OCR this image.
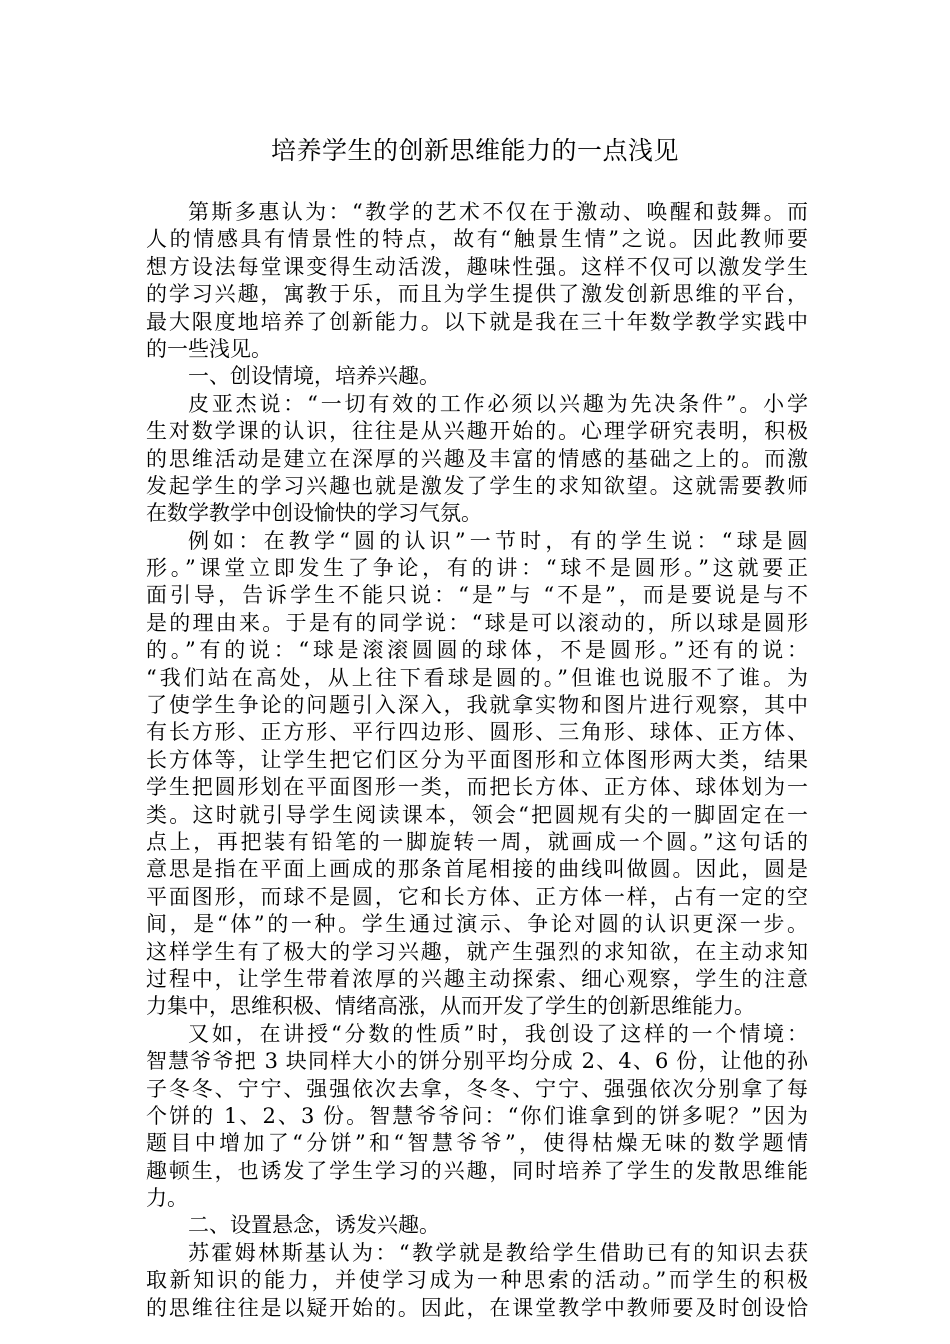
培养学生的创新思维能力的一点浅见
第斯多惠认为：“教学的艺术不仅在于激动、唤醒和鼓舞。而
人的情感具有情景性的特点，故有“触景生情”之说。因此教师要
想方设法每堂课变得生动活泼，趣味性强。这样不仅可以激发学生
的学习兴趣，寓教于乐，而且为学生提供了激发创新思维的平台，
最大限度地培养了创新能力。以下就是我在三十年数学教学实践中
的一些浅见。
一、创设情境，培养兴趣。
皮亚杰说：“一切有效的工作必须以兴趣为先决条件”。小学
生对数学课的认识，往往是从兴趣开始的。心理学研究表明，积极
的思维活动是建立在深厚的兴趣及丰富的情感的基础之上的。而激
发起学生的学习兴趣也就是激发了学生的求知欲望。这就需要教师
在数学教学中创设愉快的学习气氛。
例如：在教学“圆的认识”一节时，有的学生说：“球是圆
形。”课堂立即发生了争论，有的讲：“球不是圆形。”这就要正
面引导，告诉学生不能只说：“是”与 “不是”，而是要说是与不
是的理由来。于是有的同学说：“球是可以滚动的，所以球是圆形
的。”有的说：“球是滚滚圆圆的球体，不是圆形。”还有的说：
“我们站在高处，从上往下看球是圆的。”但谁也说服不了谁。为
了使学生争论的问题引入深入，我就拿实物和图片进行观察，其中
有长方形、正方形、平行四边形、圆形、三角形、球体、正方体、
长方体等，让学生把它们区分为平面图形和立体图形两大类，结果
学生把圆形划在平面图形一类，而把长方体、正方体、球体划为一
类。这时就引导学生阅读课本，领会“把圆规有尖的一脚固定在一
点上，再把装有铅笔的一脚旋转一周，就画成一个圆。”这句话的
意思是指在平面上画成的那条首尾相接的曲线叫做圆。因此，圆是
平面图形，而球不是圆，它和长方体、正方体一样，占有一定的空
间，是“体”的一种。学生通过演示、争论对圆的认识更深一步。
这样学生有了极大的学习兴趣，就产生强烈的求知欲，在主动求知
过程中，让学生带着浓厚的兴趣主动探索、细心观察，学生的注意
力集中，思维积极、情绪高涨，从而开发了学生的创新思维能力。
又如，在讲授“分数的性质”时，我创设了这样的一个情境：
智慧爷爷把 3 块同样大小的饼分别平均分成 2、4、6 份，让他的孙
子冬冬、宁宁、强强依次去拿，冬冬、宁宁、强强依次分别拿了每
个饼的 1、2、3 份。智慧爷爷问：“你们谁拿到的饼多呢？”因为
题目中增加了“分饼”和“智慧爷爷”，使得枯燥无味的数学题情
趣顿生，也诱发了学生学习的兴趣，同时培养了学生的发散思维能
力。
二、设置悬念，诱发兴趣。
苏霍姆林斯基认为：“教学就是教给学生借助已有的知识去获
取新知识的能力，并使学习成为一种思索的活动。”而学生的积极
的思维往往是以疑开始的。因此，在课堂教学中教师要及时创设恰
